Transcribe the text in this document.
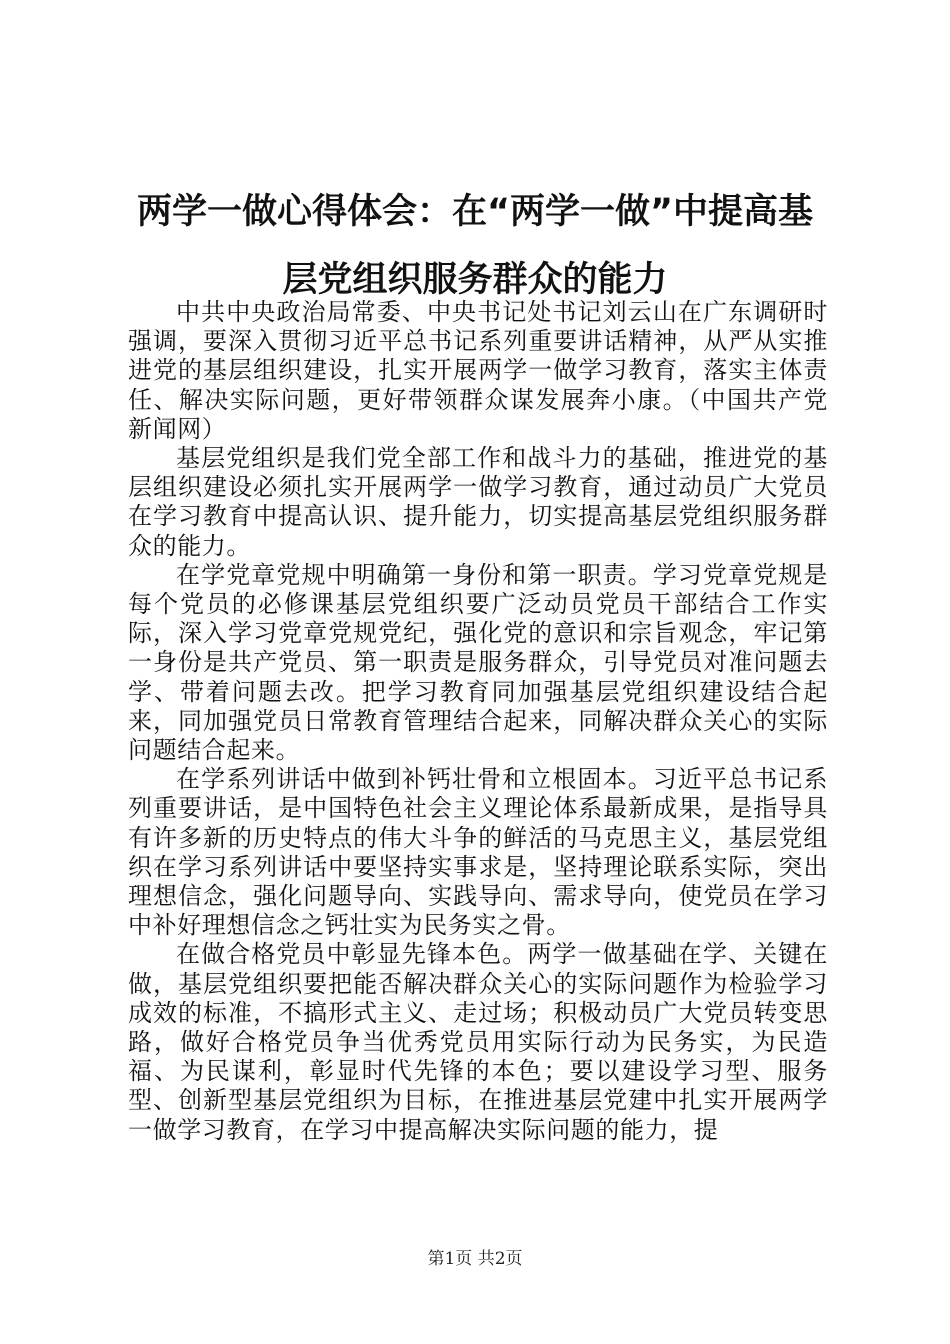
两学一做心得体会：在“两学一做”中提高基
层党组织服务群众的能力

中共中央政治局常委、中央书记处书记刘云山在广东调研时强调，要深入贯彻习近平总书记系列重要讲话精神，从严从实推进党的基层组织建设，扎实开展两学一做学习教育，落实主体责任、解决实际问题，更好带领群众谋发展奔小康。（中国共产党新闻网）

基层党组织是我们党全部工作和战斗力的基础，推进党的基层组织建设必须扎实开展两学一做学习教育，通过动员广大党员在学习教育中提高认识、提升能力，切实提高基层党组织服务群众的能力。

在学党章党规中明确第一身份和第一职责。学习党章党规是每个党员的必修课基层党组织要广泛动员党员干部结合工作实际，深入学习党章党规党纪，强化党的意识和宗旨观念，牢记第一身份是共产党员、第一职责是服务群众，引导党员对准问题去学、带着问题去改。把学习教育同加强基层党组织建设结合起来，同加强党员日常教育管理结合起来，同解决群众关心的实际问题结合起来。

在学系列讲话中做到补钙壮骨和立根固本。习近平总书记系列重要讲话，是中国特色社会主义理论体系最新成果，是指导具有许多新的历史特点的伟大斗争的鲜活的马克思主义，基层党组织在学习系列讲话中要坚持实事求是，坚持理论联系实际，突出理想信念，强化问题导向、实践导向、需求导向，使党员在学习中补好理想信念之钙壮实为民务实之骨。

在做合格党员中彰显先锋本色。两学一做基础在学、关键在做，基层党组织要把能否解决群众关心的实际问题作为检验学习成效的标准，不搞形式主义、走过场；积极动员广大党员转变思路，做好合格党员争当优秀党员用实际行动为民务实，为民造福、为民谋利，彰显时代先锋的本色；要以建设学习型、服务型、创新型基层党组织为目标，在推进基层党建中扎实开展两学一做学习教育，在学习中提高解决实际问题的能力，提

第1页 共2页
